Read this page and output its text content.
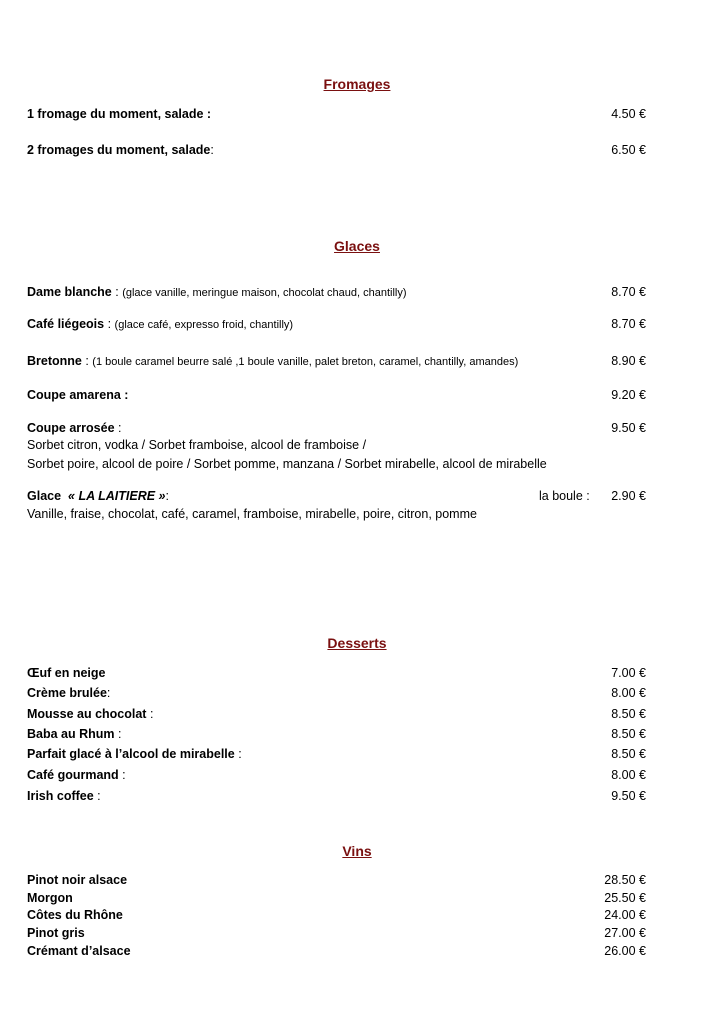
Fromages
1 fromage du moment, salade :	4.50 €
2 fromages du moment, salade:	6.50 €
Glaces
Dame blanche : (glace vanille, meringue maison, chocolat chaud, chantilly)	8.70 €
Café liégeois : (glace café, expresso froid, chantilly)	8.70 €
Bretonne : (1 boule caramel beurre salé ,1 boule vanille, palet breton, caramel, chantilly, amandes)	8.90 €
Coupe amarena :	9.20 €
Coupe arrosée :	9.50 €
Sorbet citron, vodka / Sorbet framboise, alcool de framboise /
Sorbet poire, alcool de poire / Sorbet pomme, manzana / Sorbet mirabelle, alcool de mirabelle
Glace « LA LAITIERE »:	la boule : 2.90 €
Vanille, fraise, chocolat, café, caramel, framboise, mirabelle, poire, citron, pomme
Desserts
Œuf en neige	7.00 €
Crème brulée:	8.00 €
Mousse au chocolat :	8.50 €
Baba au Rhum :	8.50 €
Parfait glacé à l’alcool de mirabelle :	8.50 €
Café gourmand :	8.00 €
Irish coffee :	9.50 €
Vins
Pinot noir alsace	28.50 €
Morgon	25.50 €
Côtes du Rhône	24.00 €
Pinot gris	27.00 €
Crémant d’alsace	26.00 €
